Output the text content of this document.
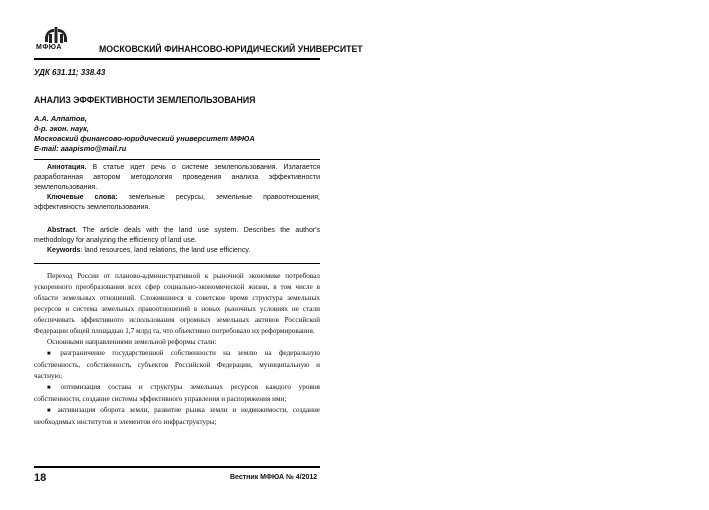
МФЮА	МОСКОВСКИЙ ФИНАНСОВО-ЮРИДИЧЕСКИЙ УНИВЕРСИТЕТ
УДК 631.11; 338.43
АНАЛИЗ ЭФФЕКТИВНОСТИ ЗЕМЛЕПОЛЬЗОВАНИЯ
А.А. Алпатов,
д-р. экон. наук,
Московский финансово-юридический университет МФЮА
E-mail: aaapismo@mail.ru
Аннотация. В статье идет речь о системе землепользования. Излагается разработанная автором методология проведения анализа эффективности землепользования.
Ключевые слова: земельные ресурсы, земельные правоотношения, эффективность землепользования.
Abstract. The article deals with the land use system. Describes the author's methodology for analyzing the efficiency of land use.
Keywords: land resources, land relations, the land use efficiency.
Переход России от планово-административной к рыночной экономике потребовал ускоренного преобразования всех сфер социально-экономической жизни, в том числе в области земельных отношений. Сложившиеся в советское время структура земельных ресурсов и система земельных правоотношений в новых рыночных условиях не стали обеспечивать эффективного использования огромных земельных активов Российской Федерации общей площадью 1,7 млрд га, что объективно потребовало их реформирования.
Основными направлениями земельной реформы стали:
■ разграничение государственной собственности на землю на федеральную собственность, собственность субъектов Российской Федерации, муниципальную и частную;
■ оптимизация состава и структуры земельных ресурсов каждого уровня собственности, создание системы эффективного управления и распоряжения ими;
■ активизация оборота земли, развитие рынка земли и недвижимости, создание необходимых институтов и элементов его инфраструктуры;
18	Вестник МФЮА № 4/2012
